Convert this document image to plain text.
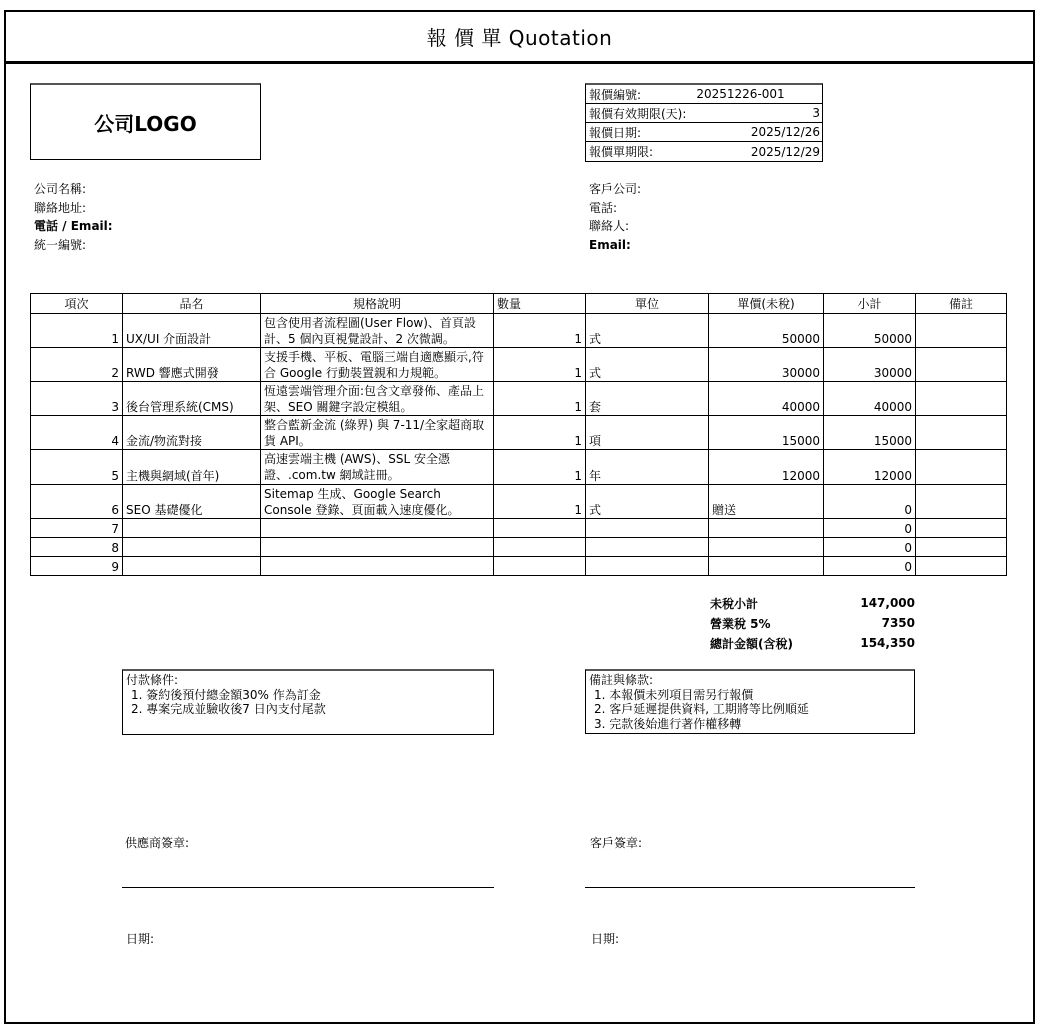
報 價 單 Quotation
公司LOGO
公司名稱:
聯絡地址:
電話 / Email:
統一編號:
報價編號:	20251226-001
報價有效期限(天):	3
報價日期:	2025/12/26
報價單期限:	2025/12/29
客戶公司:
電話:
聯絡人:
Email:
項次	品名	規格說明	數量	單位	單價(未稅)	小計	備註
1	UX/UI 介面設計	包含使用者流程圖(User Flow)、首頁設計、5 個內頁視覺設計、2 次微調。	1	式	50000	50000	
2	RWD 響應式開發	支援手機、平板、電腦三端自適應顯示,符合 Google 行動裝置親和力規範。	1	式	30000	30000	
3	後台管理系統(CMS)	恆遠雲端管理介面:包含文章發佈、產品上架、SEO 關鍵字設定模組。	1	套	40000	40000	
4	金流/物流對接	整合藍新金流 (綠界) 與 7-11/全家超商取貨 API。	1	項	15000	15000	
5	主機與網域(首年)	高速雲端主機 (AWS)、SSL 安全憑證、.com.tw 網域註冊。	1	年	12000	12000	
6	SEO 基礎優化	Sitemap 生成、Google Search Console 登錄、頁面載入速度優化。	1	式	贈送	0	
7						0	
8						0	
9						0	
未稅小計	147,000
營業稅 5%	7350
總計金額(含稅)	154,350
付款條件:
1. 簽約後預付總金額30% 作為訂金
2. 專案完成並驗收後7 日內支付尾款
備註與條款:
1. 本報價未列項目需另行報價
2. 客戶延遲提供資料, 工期將等比例順延
3. 完款後始進行著作權移轉
供應商簽章:
日期:
客戶簽章:
日期:
